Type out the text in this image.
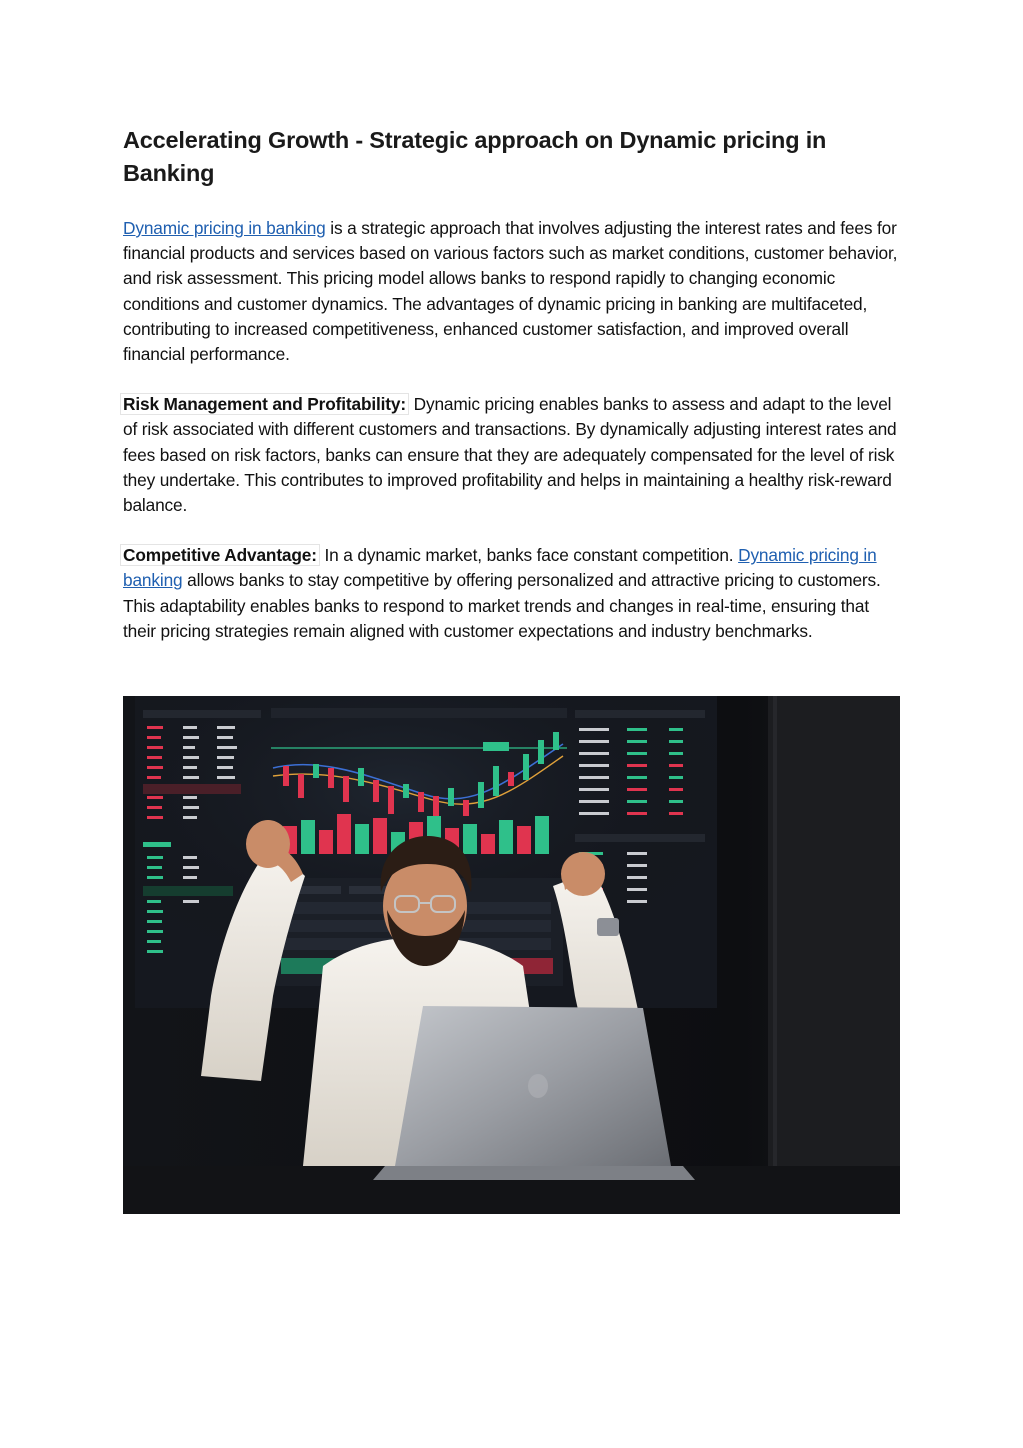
Accelerating Growth - Strategic approach on Dynamic pricing in Banking

Dynamic pricing in banking is a strategic approach that involves adjusting the interest rates and fees for financial products and services based on various factors such as market conditions, customer behavior, and risk assessment. This pricing model allows banks to respond rapidly to changing economic conditions and customer dynamics. The advantages of dynamic pricing in banking are multifaceted, contributing to increased competitiveness, enhanced customer satisfaction, and improved overall financial performance.

Risk Management and Profitability: Dynamic pricing enables banks to assess and adapt to the level of risk associated with different customers and transactions. By dynamically adjusting interest rates and fees based on risk factors, banks can ensure that they are adequately compensated for the level of risk they undertake. This contributes to improved profitability and helps in maintaining a healthy risk-reward balance.

Competitive Advantage: In a dynamic market, banks face constant competition. Dynamic pricing in banking allows banks to stay competitive by offering personalized and attractive pricing to customers. This adaptability enables banks to respond to market trends and changes in real-time, ensuring that their pricing strategies remain aligned with customer expectations and industry benchmarks.
